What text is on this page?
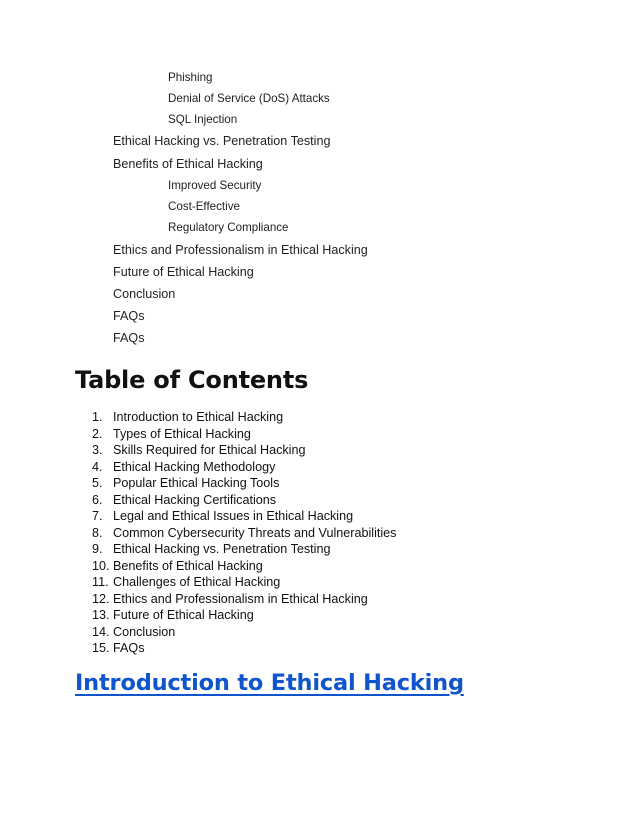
Phishing
Denial of Service (DoS) Attacks
SQL Injection
Ethical Hacking vs. Penetration Testing
Benefits of Ethical Hacking
Improved Security
Cost-Effective
Regulatory Compliance
Ethics and Professionalism in Ethical Hacking
Future of Ethical Hacking
Conclusion
FAQs
FAQs
Table of Contents
1. Introduction to Ethical Hacking
2. Types of Ethical Hacking
3. Skills Required for Ethical Hacking
4. Ethical Hacking Methodology
5. Popular Ethical Hacking Tools
6. Ethical Hacking Certifications
7. Legal and Ethical Issues in Ethical Hacking
8. Common Cybersecurity Threats and Vulnerabilities
9. Ethical Hacking vs. Penetration Testing
10. Benefits of Ethical Hacking
11. Challenges of Ethical Hacking
12. Ethics and Professionalism in Ethical Hacking
13. Future of Ethical Hacking
14. Conclusion
15. FAQs
Introduction to Ethical Hacking
